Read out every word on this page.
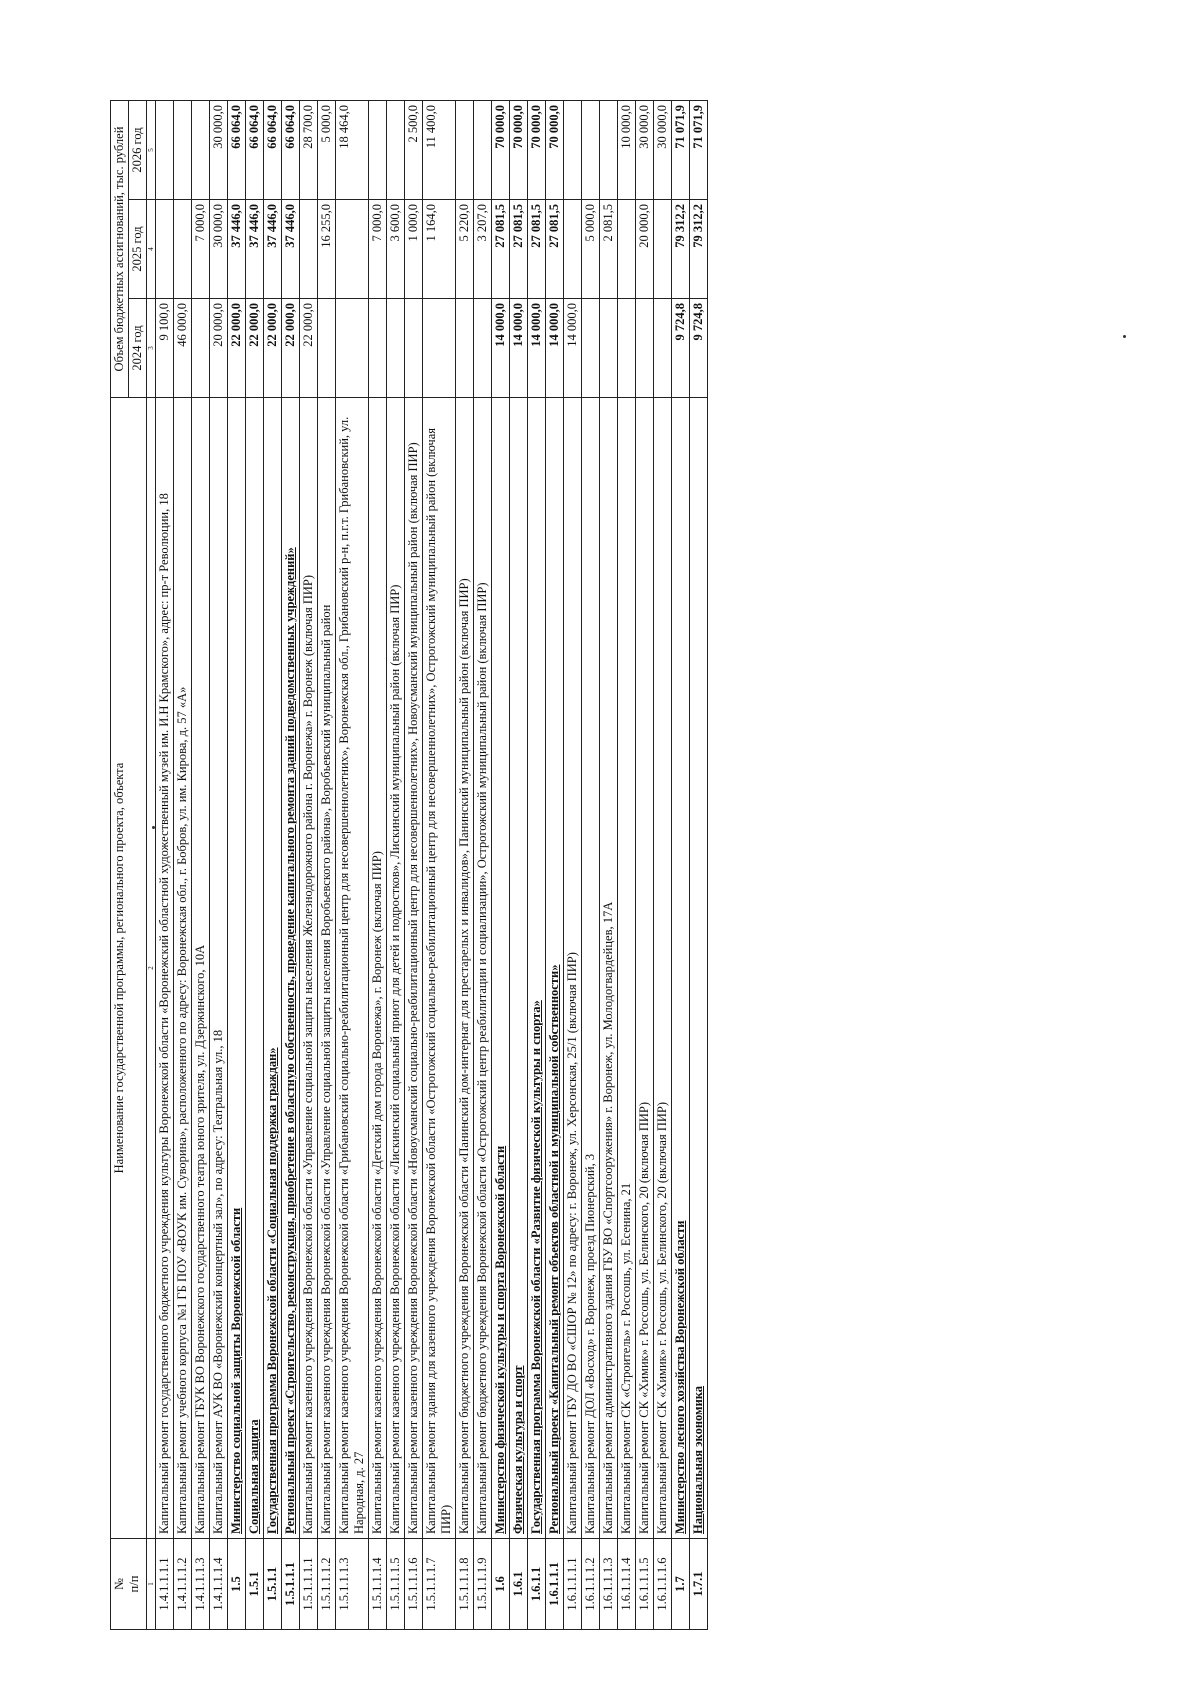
№
п/п	Наименование государственной программы, регионального проекта, объекта	Объем бюджетных ассигнований, тыс. рублей		
		2024 год	2025 год	2026 год
1	2	3	4	5
1.4.1.1.1.1	Капитальный ремонт государственного бюджетного учреждения культуры Воронежской области «Воронежский областной художественный музей им. И.Н Крамского», адрес: пр-т Революции, 18	9 100,0		
1.4.1.1.1.2	Капитальный ремонт учебного корпуса №1 ГБ ПОУ «ВОУК им. Суворина», расположенного по адресу: Воронежская обл., г. Бобров, ул. им. Кирова, д. 57 «А»	46 000,0		
1.4.1.1.1.3	Капитальный ремонт ГБУК ВО Воронежского государственного театра юного зрителя, ул. Дзержинского, 10А		7 000,0	
1.4.1.1.1.4	Капитальный ремонт АУК ВО «Воронежский концертный зал», по адресу: Театральная ул., 18	20 000,0	30 000,0	30 000,0
1.5	Министерство социальной защиты Воронежской области	22 000,0	37 446,0	66 064,0
1.5.1	Социальная защита	22 000,0	37 446,0	66 064,0
1.5.1.1	Государственная программа Воронежской области «Социальная поддержка граждан»	22 000,0	37 446,0	66 064,0
1.5.1.1.1	Региональный проект «Строительство, реконструкция, приобретение в областную собственность, проведение капитального ремонта зданий подведомственных учреждений»	22 000,0	37 446,0	66 064,0
1.5.1.1.1.1	Капитальный ремонт казенного учреждения Воронежской области «Управление социальной защиты населения Железнодорожного района г. Воронежа» г. Воронеж (включая ПИР)	22 000,0		28 700,0
1.5.1.1.1.2	Капитальный ремонт казенного учреждения Воронежской области «Управление социальной защиты населения Воробьевского района», Воробьевский муниципальный район		16 255,0	5 000,0
1.5.1.1.1.3	Капитальный ремонт казенного учреждения Воронежской области «Грибановский социально-реабилитационный центр для несовершеннолетних», Воронежская обл., Грибановский р-н, п.г.т. Грибановский, ул. Народная, д. 27			18 464,0
1.5.1.1.1.4	Капитальный ремонт казенного учреждения Воронежской области «Детский дом города Воронежа», г. Воронеж (включая ПИР)		7 000,0	
1.5.1.1.1.5	Капитальный ремонт казенного учреждения Воронежской области «Лискинский социальный приют для детей и подростков», Лискинский муниципальный район (включая ПИР)		3 600,0	
1.5.1.1.1.6	Капитальный ремонт казенного учреждения Воронежской области «Новоусманский социально-реабилитационный центр для несовершеннолетних», Новоусманский муниципальный район (включая ПИР)		1 000,0	2 500,0
1.5.1.1.1.7	Капитальный ремонт здания для казенного учреждения Воронежской области «Острогожский социально-реабилитационный центр для несовершеннолетних», Острогожский муниципальный район (включая ПИР)		1 164,0	11 400,0
1.5.1.1.1.8	Капитальный ремонт бюджетного учреждения Воронежской области «Панинский дом-интернат для престарелых и инвалидов», Панинский муниципальный район (включая ПИР)		5 220,0	
1.5.1.1.1.9	Капитальный ремонт бюджетного учреждения Воронежской области «Острогожский центр реабилитации и социализации», Острогожский муниципальный район (включая ПИР)		3 207,0	
1.6	Министерство физической культуры и спорта Воронежской области	14 000,0	27 081,5	70 000,0
1.6.1	Физическая культура и спорт	14 000,0	27 081,5	70 000,0
1.6.1.1	Государственная программа Воронежской области «Развитие физической культуры и спорта»	14 000,0	27 081,5	70 000,0
1.6.1.1.1	Региональный проект «Капитальный ремонт объектов областной и муниципальной собственности»	14 000,0	27 081,5	70 000,0
1.6.1.1.1.1	Капитальный ремонт ГБУ ДО ВО «СШОР № 12» по адресу: г. Воронеж, ул. Херсонская, 25/1 (включая ПИР)	14 000,0		
1.6.1.1.1.2	Капитальный ремонт ДОЛ «Восход» г. Воронеж, проезд Пионерский, 3		5 000,0	
1.6.1.1.1.3	Капитальный ремонт административного здания ГБУ ВО «Спортсооружения» г. Воронеж, ул. Молодогвардейцев, 17А		2 081,5	
1.6.1.1.1.4	Капитальный ремонт СК «Строитель» г. Россошь, ул. Есенина, 21			10 000,0
1.6.1.1.1.5	Капитальный ремонт СК «Химик» г. Россошь, ул. Белинского, 20 (включая ПИР)		20 000,0	30 000,0
1.6.1.1.1.6	Капитальный ремонт СК «Химик» г. Россошь, ул. Белинского, 20 (включая ПИР)			30 000,0
1.7	Министерство лесного хозяйства Воронежской области	9 724,8	79 312,2	71 071,9
1.7.1	Национальная экономика	9 724,8	79 312,2	71 071,9
